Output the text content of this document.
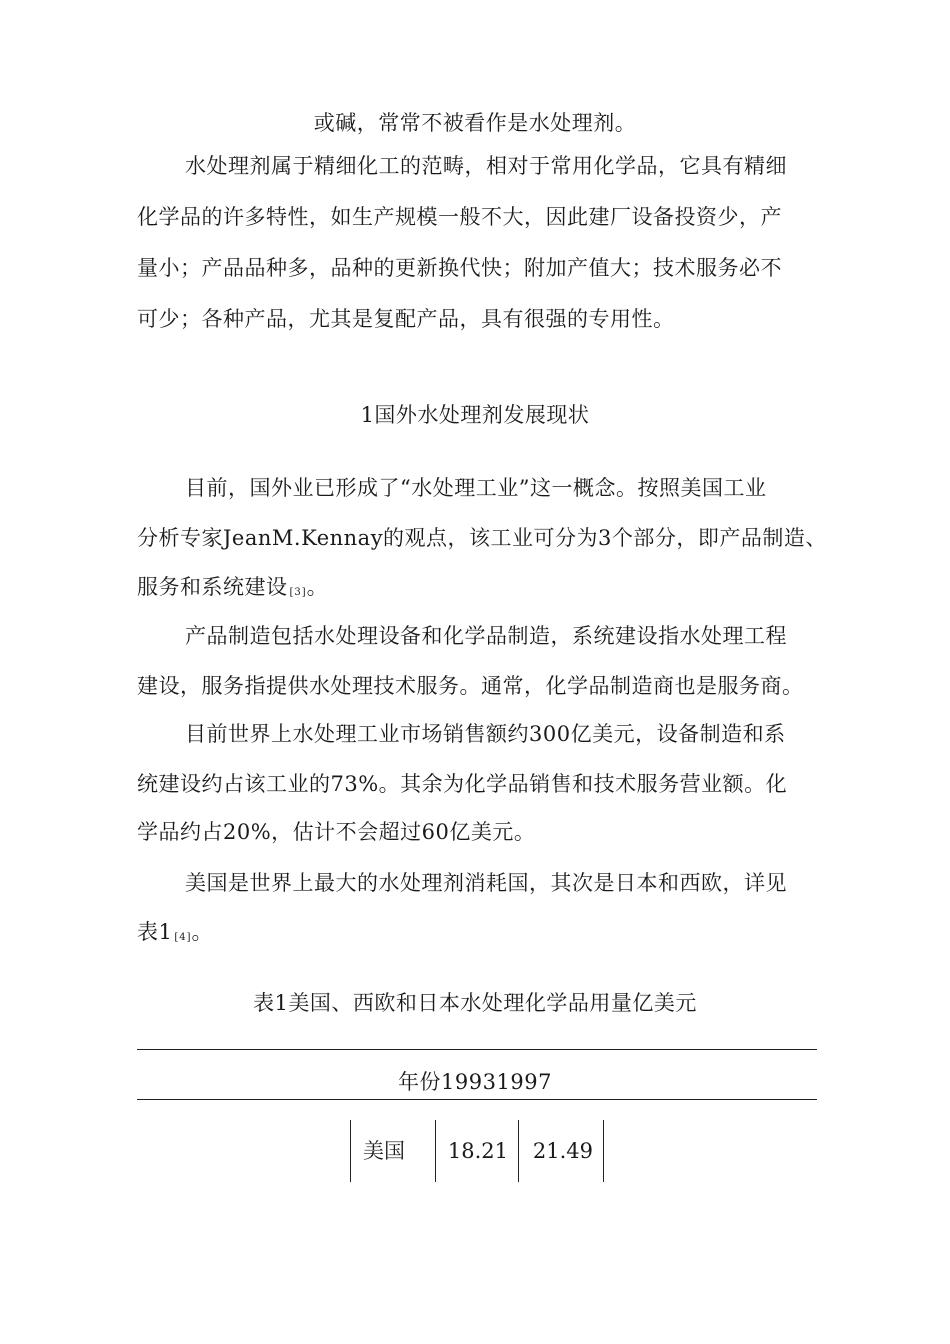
或碱，常常不被看作是水处理剂。
水处理剂属于精细化工的范畴，相对于常用化学品，它具有精细
化学品的许多特性，如生产规模一般不大，因此建厂设备投资少，产
量小；产品品种多，品种的更新换代快；附加产值大；技术服务必不
可少；各种产品，尤其是复配产品，具有很强的专用性。
1国外水处理剂发展现状
目前，国外业已形成了“水处理工业”这一概念。按照美国工业
分析专家JeanM.Kennay的观点，该工业可分为3个部分，即产品制造、
服务和系统建设 [3]。
产品制造包括水处理设备和化学品制造，系统建设指水处理工程
建设，服务指提供水处理技术服务。通常，化学品制造商也是服务商。
目前世界上水处理工业市场销售额约300亿美元，设备制造和系
统建设约占该工业的73%。其余为化学品销售和技术服务营业额。化
学品约占20%，估计不会超过60亿美元。
美国是世界上最大的水处理剂消耗国，其次是日本和西欧，详见
表1 [4]。
表1美国、西欧和日本水处理化学品用量亿美元
年份19931997
美国	18.21	21.49
